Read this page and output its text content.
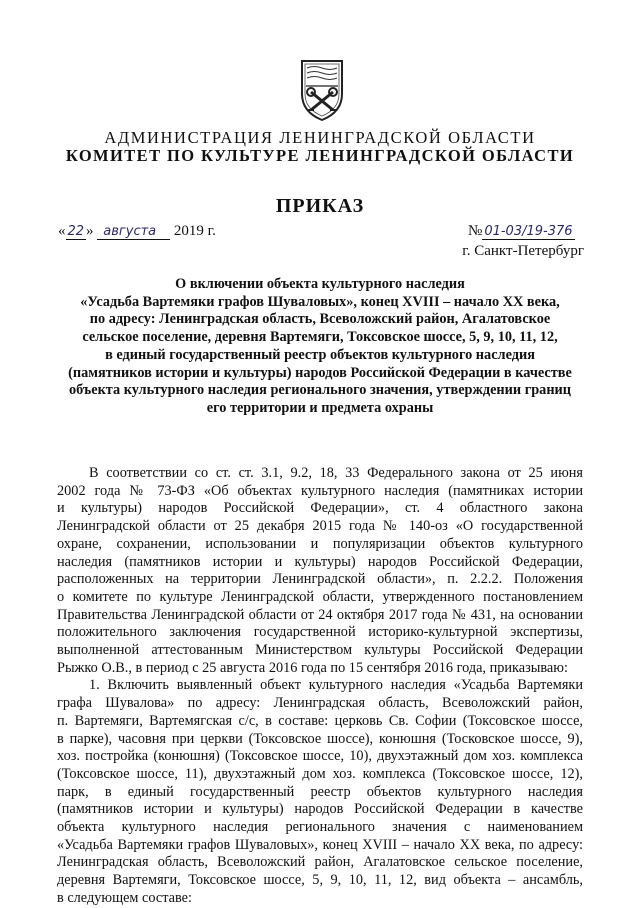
АДМИНИСТРАЦИЯ ЛЕНИНГРАДСКОЙ ОБЛАСТИ
КОМИТЕТ ПО КУЛЬТУРЕ ЛЕНИНГРАДСКОЙ ОБЛАСТИ
ПРИКАЗ
« 22 » августа 2019 г.	№ 01-03/19-376
г. Санкт-Петербург
О включении объекта культурного наследия
«Усадьба Вартемяки графов Шуваловых», конец XVIII – начало XX века,
по адресу: Ленинградская область, Всеволожский район, Агалатовское
сельское поселение, деревня Вартемяги, Токсовское шоссе, 5, 9, 10, 11, 12,
в единый государственный реестр объектов культурного наследия
(памятников истории и культуры) народов Российской Федерации в качестве
объекта культурного наследия регионального значения, утверждении границ
его территории и предмета охраны
В соответствии со ст. ст. 3.1, 9.2, 18, 33 Федерального закона от 25 июня
2002 года № 73-ФЗ «Об объектах культурного наследия (памятниках истории
и культуры) народов Российской Федерации», ст. 4 областного закона
Ленинградской области от 25 декабря 2015 года № 140-оз «О государственной
охране, сохранении, использовании и популяризации объектов культурного
наследия (памятников истории и культуры) народов Российской Федерации,
расположенных на территории Ленинградской области», п. 2.2.2. Положения
о комитете по культуре Ленинградской области, утвержденного постановлением
Правительства Ленинградской области от 24 октября 2017 года № 431, на основании
положительного заключения государственной историко-культурной экспертизы,
выполненной аттестованным Министерством культуры Российской Федерации
Рыжко О.В., в период с 25 августа 2016 года по 15 сентября 2016 года, приказываю:
1. Включить выявленный объект культурного наследия «Усадьба Вартемяки
графа Шувалова» по адресу: Ленинградская область, Всеволожский район,
п. Вартемяги, Вартемягская с/с, в составе: церковь Св. Софии (Токсовское шоссе,
в парке), часовня при церкви (Токсовское шоссе), конюшня (Тосковское шоссе, 9),
хоз. постройка (конюшня) (Токсовское шоссе, 10), двухэтажный дом хоз. комплекса
(Токсовское шоссе, 11), двухэтажный дом хоз. комплекса (Токсовское шоссе, 12),
парк, в единый государственный реестр объектов культурного наследия
(памятников истории и культуры) народов Российской Федерации в качестве
объекта культурного наследия регионального значения с наименованием
«Усадьба Вартемяки графов Шуваловых», конец XVIII – начало XX века, по адресу:
Ленинградская область, Всеволожский район, Агалатовское сельское поселение,
деревня Вартемяги, Токсовское шоссе, 5, 9, 10, 11, 12, вид объекта – ансамбль,
в следующем составе:
